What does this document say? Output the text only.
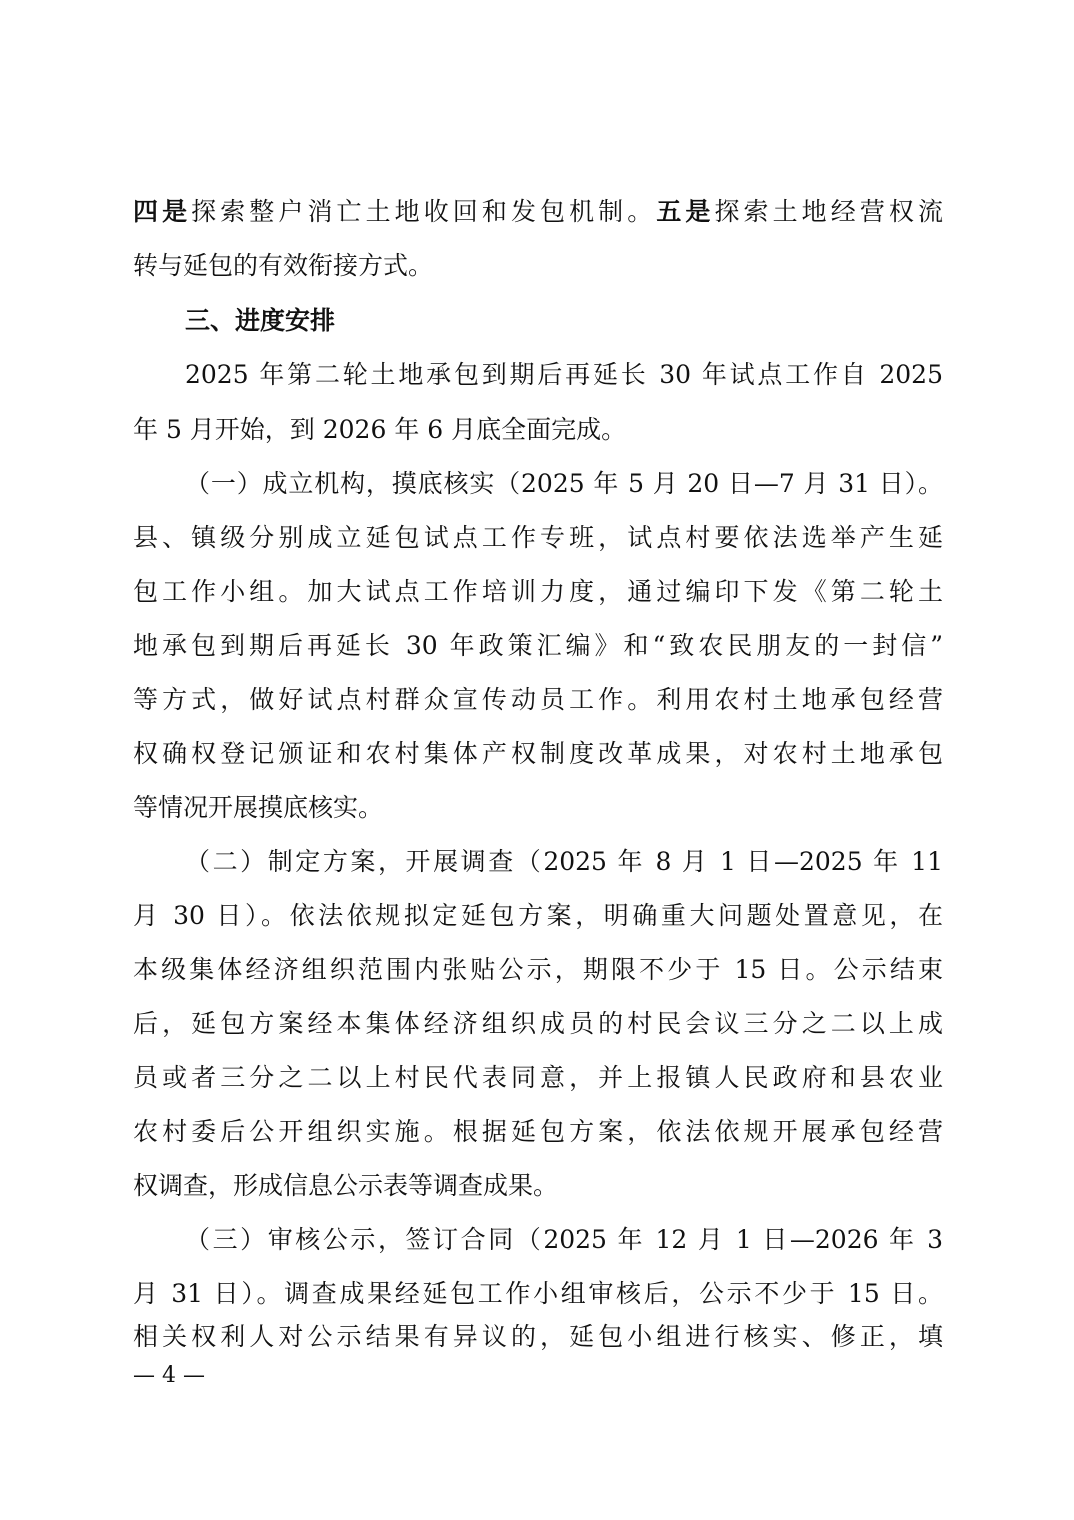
四是探索整户消亡土地收回和发包机制。五是探索土地经营权流
转与延包的有效衔接方式。
三、进度安排
2025 年第二轮土地承包到期后再延长 30 年试点工作自 2025
年 5 月开始，到 2026 年 6 月底全面完成。
（一）成立机构，摸底核实（2025 年 5 月 20 日—7 月 31 日）。
县、镇级分别成立延包试点工作专班，试点村要依法选举产生延
包工作小组。加大试点工作培训力度，通过编印下发《第二轮土
地承包到期后再延长 30 年政策汇编》和“致农民朋友的一封信”
等方式，做好试点村群众宣传动员工作。利用农村土地承包经营
权确权登记颁证和农村集体产权制度改革成果，对农村土地承包
等情况开展摸底核实。
（二）制定方案，开展调查（2025 年 8 月 1 日—2025 年 11
月 30 日）。依法依规拟定延包方案，明确重大问题处置意见，在
本级集体经济组织范围内张贴公示，期限不少于 15 日。公示结束
后，延包方案经本集体经济组织成员的村民会议三分之二以上成
员或者三分之二以上村民代表同意，并上报镇人民政府和县农业
农村委后公开组织实施。根据延包方案，依法依规开展承包经营
权调查，形成信息公示表等调查成果。
（三）审核公示，签订合同（2025 年 12 月 1 日—2026 年 3
月 31 日）。调查成果经延包工作小组审核后，公示不少于 15 日。
相关权利人对公示结果有异议的，延包小组进行核实、修正，填
— 4 —
